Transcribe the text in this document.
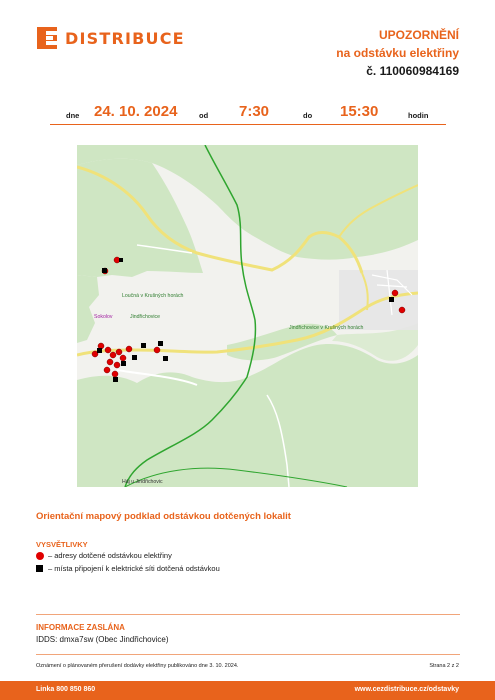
DISTRIBUCE	UPOZORNĚNÍ
na odstávku elektřiny
č. 110060984169
dne 24. 10. 2024	od 7:30	do 15:30	hodin
Loučná v Krušných horách
Sokolov	Jindřichovice
Jindřichovice v Krušných horách
Háj u Jindřichovic
Orientační mapový podklad odstávkou dotčených lokalit
VYSVĚTLIVKY
– adresy dotčené odstávkou elektřiny
– místa připojení k elektrické síti dotčená odstávkou
INFORMACE ZASLÁNA
IDDS: dmxa7sw (Obec Jindřichovice)
Oznámení o plánovaném přerušení dodávky elektřiny publikováno dne 3. 10. 2024.	Strana 2 z 2
Linka 800 850 860	www.cezdistribuce.cz/odstavky
